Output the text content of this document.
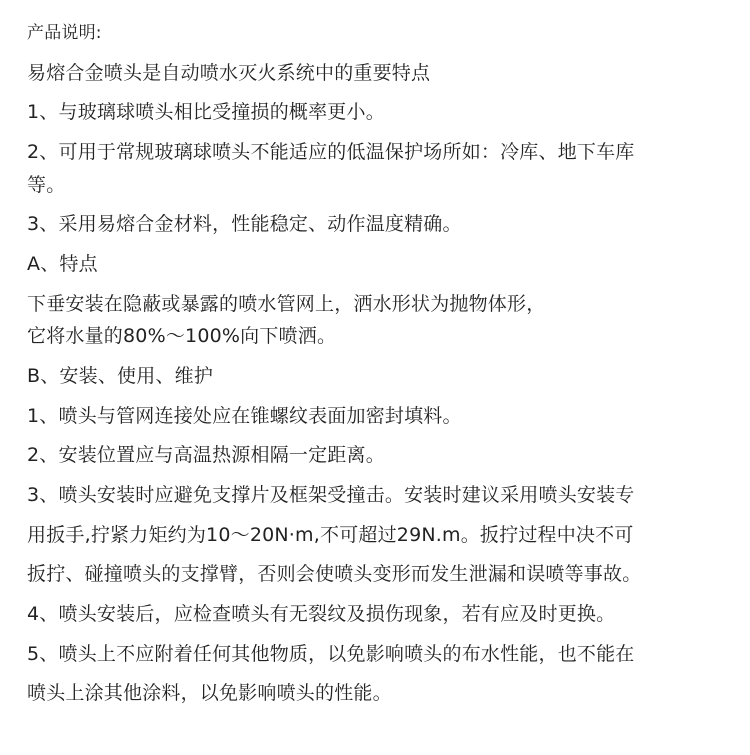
产品说明:
易熔合金喷头是自动喷水灭火系统中的重要特点
1、与玻璃球喷头相比受撞损的概率更小。
2、可用于常规玻璃球喷头不能适应的低温保护场所如：冷库、地下车库
等。
3、采用易熔合金材料，性能稳定、动作温度精确。
A、特点
下垂安装在隐蔽或暴露的喷水管网上，洒水形状为抛物体形，
它将水量的80%～100%向下喷洒。
B、安装、使用、维护
1、喷头与管网连接处应在锥螺纹表面加密封填料。
2、安装位置应与高温热源相隔一定距离。
3、喷头安装时应避免支撑片及框架受撞击。安装时建议采用喷头安装专
用扳手,拧紧力矩约为10～20N·m,不可超过29N.m。扳拧过程中决不可
扳拧、碰撞喷头的支撑臂，否则会使喷头变形而发生泄漏和误喷等事故。
4、喷头安装后，应检查喷头有无裂纹及损伤现象，若有应及时更换。
5、喷头上不应附着任何其他物质，以免影响喷头的布水性能，也不能在
喷头上涂其他涂料，以免影响喷头的性能。
